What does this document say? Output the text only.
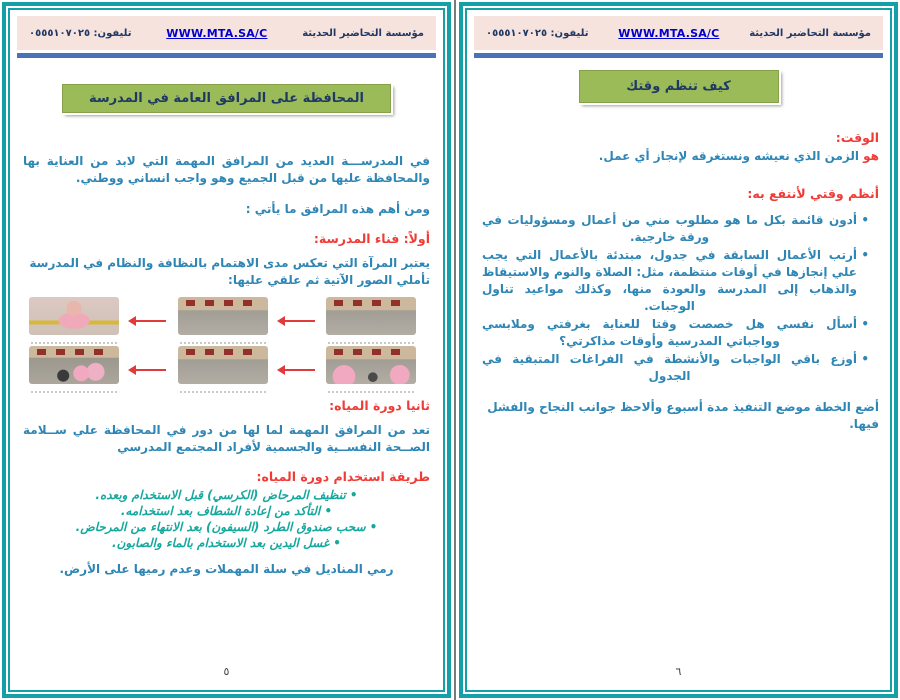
مؤسسة التحاضير الحديثة
WWW.MTA.SA/C
تليفون: ٠٥٥٥١٠٧٠٢٥
المحافظة على المرافق العامة في المدرسة

في المدرســـة العديد من المرافق المهمة التي لابد من العناية بها والمحافظة عليها من قبل الجميع وهو واجب انساني ووطني.

ومن أهم هذه المرافق ما يأتي :

أولاً: فناء المدرسة:

يعتبر المرآة التي تعكس مدى الاهتمام بالنظافة والنظام في المدرسة

تأملي الصور الآتية ثم علقي عليها:

ثانيا دورة المياه:

تعد من المرافق المهمة لما لها من دور في المحافظة علي ســلامة الصــحة النفســية والجسمية لأفراد المجتمع المدرسي

طريقة استخدام دورة المياه:

• تنظيف المرحاض (الكرسي) قبل الاستخدام وبعده.
• التأكد من إعادة الشطاف بعد استخدامه.
• سحب صندوق الطرد (السيفون) بعد الانتهاء من المرحاض.
• غسل اليدين بعد الاستخدام بالماء والصابون.

رمي المناديل في سلة المهملات وعدم رميها على الأرض.

٥
مؤسسة التحاضير الحديثة
WWW.MTA.SA/C
تليفون: ٠٥٥٥١٠٧٠٢٥
كيف تنظم وقتك

الوقت:

هو الزمن الذي نعيشه ونستغرقه لإنجاز أي عمل.

أنظم وقتي لأنتفع به:

• أدون قائمة بكل ما هو مطلوب مني من أعمال ومسؤوليات في ورقة خارجية.
• أرتب الأعمال السابقة في جدول، مبتدئة بالأعمال التي يجب علي إنجازها في أوقات منتظمة، مثل: الصلاة والنوم والاستيقاظ والذهاب إلى المدرسة والعودة منها، وكذلك مواعيد تناول الوجبات.
• أسأل نفسي هل خصصت وقتا للعناية بغرفتي وملابسي وواجباتي المدرسية وأوقات مذاكرتي؟
• أوزع باقي الواجبات والأنشطة في الفراغات المتبقية في الجدول

أضع الخطة موضع التنفيذ مدة أسبوع وألاحظ جوانب النجاح والفشل فيها.

٦
